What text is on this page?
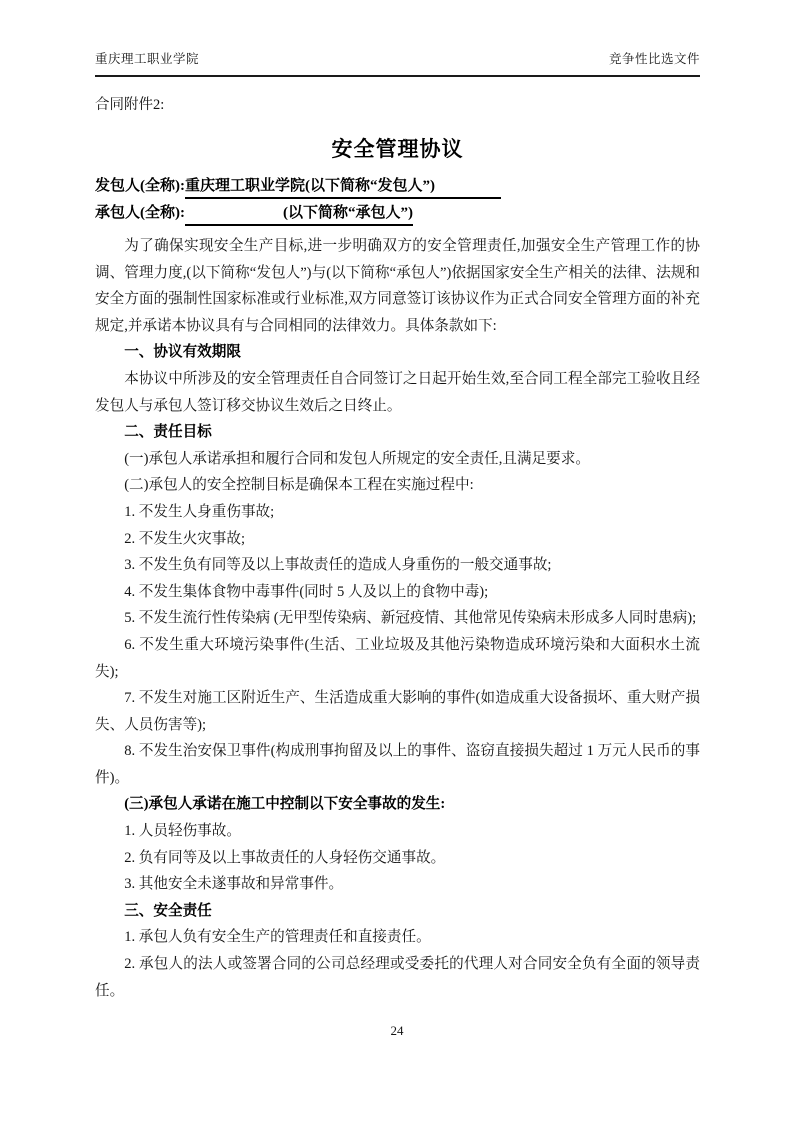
重庆理工职业学院	竞争性比选文件
合同附件2:
安全管理协议
发包人(全称):重庆理工职业学院(以下简称“发包人”)
承包人(全称):	(以下简称“承包人”)

为了确保实现安全生产目标,进一步明确双方的安全管理责任,加强安全生产管理工作的协调、管理力度,(以下简称“发包人”)与(以下简称“承包人”)依据国家安全生产相关的法律、法规和安全方面的强制性国家标准或行业标准,双方同意签订该协议作为正式合同安全管理方面的补充规定,并承诺本协议具有与合同相同的法律效力。具体条款如下:

一、协议有效期限

本协议中所涉及的安全管理责任自合同签订之日起开始生效,至合同工程全部完工验收且经发包人与承包人签订移交协议生效后之日终止。

二、责任目标

(一)承包人承诺承担和履行合同和发包人所规定的安全责任,且满足要求。

(二)承包人的安全控制目标是确保本工程在实施过程中:

1. 不发生人身重伤事故;

2. 不发生火灾事故;

3. 不发生负有同等及以上事故责任的造成人身重伤的一般交通事故;

4. 不发生集体食物中毒事件(同时 5 人及以上的食物中毒);

5. 不发生流行性传染病 (无甲型传染病、新冠疫情、其他常见传染病未形成多人同时患病);

6. 不发生重大环境污染事件(生活、工业垃圾及其他污染物造成环境污染和大面积水土流失);

7. 不发生对施工区附近生产、生活造成重大影响的事件(如造成重大设备损坏、重大财产损失、人员伤害等);

8. 不发生治安保卫事件(构成刑事拘留及以上的事件、盗窃直接损失超过 1 万元人民币的事件)。

(三)承包人承诺在施工中控制以下安全事故的发生:

1. 人员轻伤事故。

2. 负有同等及以上事故责任的人身轻伤交通事故。

3. 其他安全未遂事故和异常事件。

三、安全责任

1. 承包人负有安全生产的管理责任和直接责任。

2. 承包人的法人或签署合同的公司总经理或受委托的代理人对合同安全负有全面的领导责任。

24
